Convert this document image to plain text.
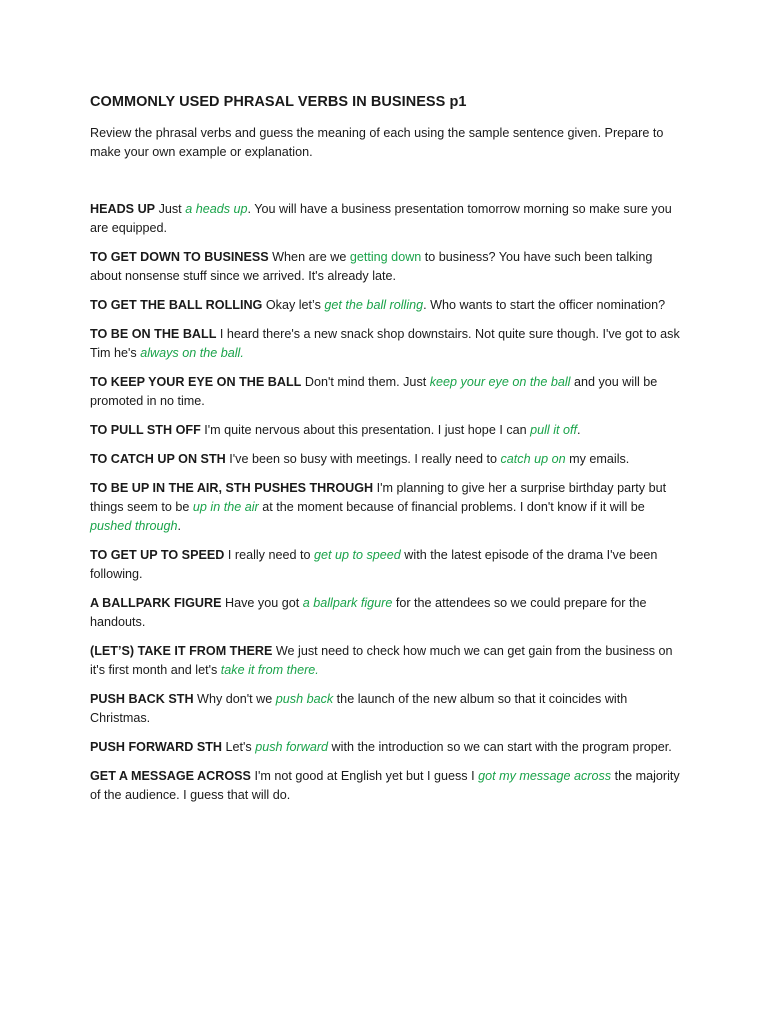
COMMONLY USED PHRASAL VERBS IN BUSINESS p1
Review the phrasal verbs and guess the meaning of each using the sample sentence given. Prepare to make your own example or explanation.

HEADS UP Just a heads up. You will have a business presentation tomorrow morning so make sure you are equipped.

TO GET DOWN TO BUSINESS When are we getting down to business? You have such been talking about nonsense stuff since we arrived. It's already late.

TO GET THE BALL ROLLING Okay let’s get the ball rolling. Who wants to start the officer nomination?

TO BE ON THE BALL I heard there's a new snack shop downstairs. Not quite sure though. I've got to ask Tim he's always on the ball.

TO KEEP YOUR EYE ON THE BALL Don't mind them. Just keep your eye on the ball and you will be promoted in no time.

TO PULL STH OFF I'm quite nervous about this presentation. I just hope I can pull it off.

TO CATCH UP ON STH I've been so busy with meetings. I really need to catch up on my emails.

TO BE UP IN THE AIR, STH PUSHES THROUGH I'm planning to give her a surprise birthday party but things seem to be up in the air at the moment because of financial problems. I don't know if it will be pushed through.

TO GET UP TO SPEED I really need to get up to speed with the latest episode of the drama I've been following.

A BALLPARK FIGURE Have you got a ballpark figure for the attendees so we could prepare for the handouts.

(LET’S) TAKE IT FROM THERE We just need to check how much we can get gain from the business on it's first month and let's take it from there.

PUSH BACK STH Why don't we push back the launch of the new album so that it coincides with Christmas.

PUSH FORWARD STH Let's push forward with the introduction so we can start with the program proper.

GET A MESSAGE ACROSS I'm not good at English yet but I guess I got my message across the majority of the audience. I guess that will do.
